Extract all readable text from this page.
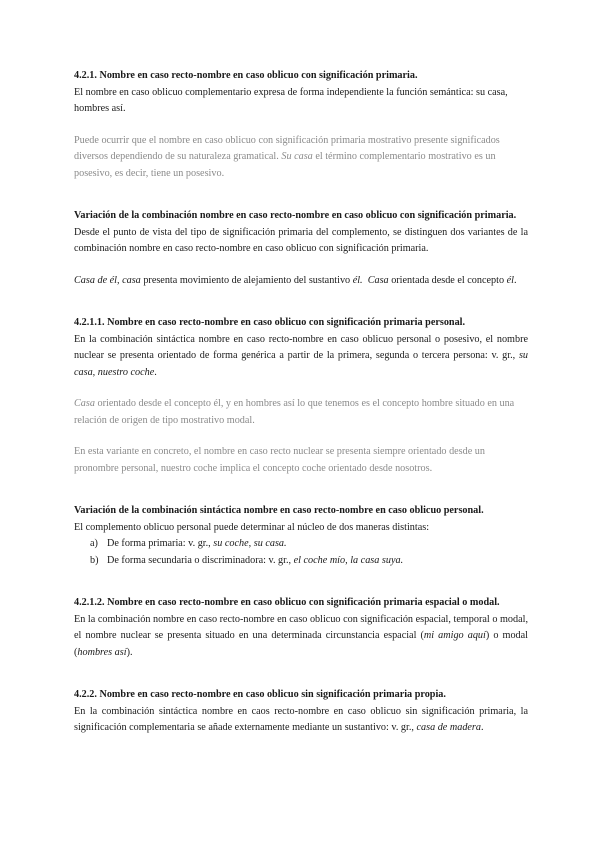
4.2.1. Nombre en caso recto-nombre en caso oblicuo con significación primaria.

El nombre en caso oblicuo complementario expresa de forma independiente la función semántica: su casa, hombres así.

Puede ocurrir que el nombre en caso oblicuo con significación primaria mostrativo presente significados diversos dependiendo de su naturaleza gramatical. Su casa el término complementario mostrativo es un posesivo, es decir, tiene un posesivo.

Variación de la combinación nombre en caso recto-nombre en caso oblicuo con significación primaria.

Desde el punto de vista del tipo de significación primaria del complemento, se distinguen dos variantes de la combinación nombre en caso recto-nombre en caso oblicuo con significación primaria.

Casa de él, casa presenta movimiento de alejamiento del sustantivo él. Casa orientada desde el concepto él.

4.2.1.1. Nombre en caso recto-nombre en caso oblicuo con significación primaria personal.

En la combinación sintáctica nombre en caso recto-nombre en caso oblicuo personal o posesivo, el nombre nuclear se presenta orientado de forma genérica a partir de la primera, segunda o tercera persona: v. gr., su casa, nuestro coche.

Casa orientado desde el concepto él, y en hombres así lo que tenemos es el concepto hombre situado en una relación de origen de tipo mostrativo modal.

En esta variante en concreto, el nombre en caso recto nuclear se presenta siempre orientado desde un pronombre personal, nuestro coche implica el concepto coche orientado desde nosotros.

Variación de la combinación sintáctica nombre en caso recto-nombre en caso oblicuo personal.

El complemento oblicuo personal puede determinar al núcleo de dos maneras distintas:

a) De forma primaria: v. gr., su coche, su casa.
b) De forma secundaria o discriminadora: v. gr., el coche mío, la casa suya.

4.2.1.2. Nombre en caso recto-nombre en caso oblicuo con significación primaria espacial o modal.

En la combinación nombre en caso recto-nombre en caso oblicuo con significación espacial, temporal o modal, el nombre nuclear se presenta situado en una determinada circunstancia espacial (mi amigo aquí) o modal (hombres así).

4.2.2. Nombre en caso recto-nombre en caso oblicuo sin significación primaria propia.

En la combinación sintáctica nombre en caos recto-nombre en caso oblicuo sin significación primaria, la significación complementaria se añade externamente mediante un sustantivo: v. gr., casa de madera.
